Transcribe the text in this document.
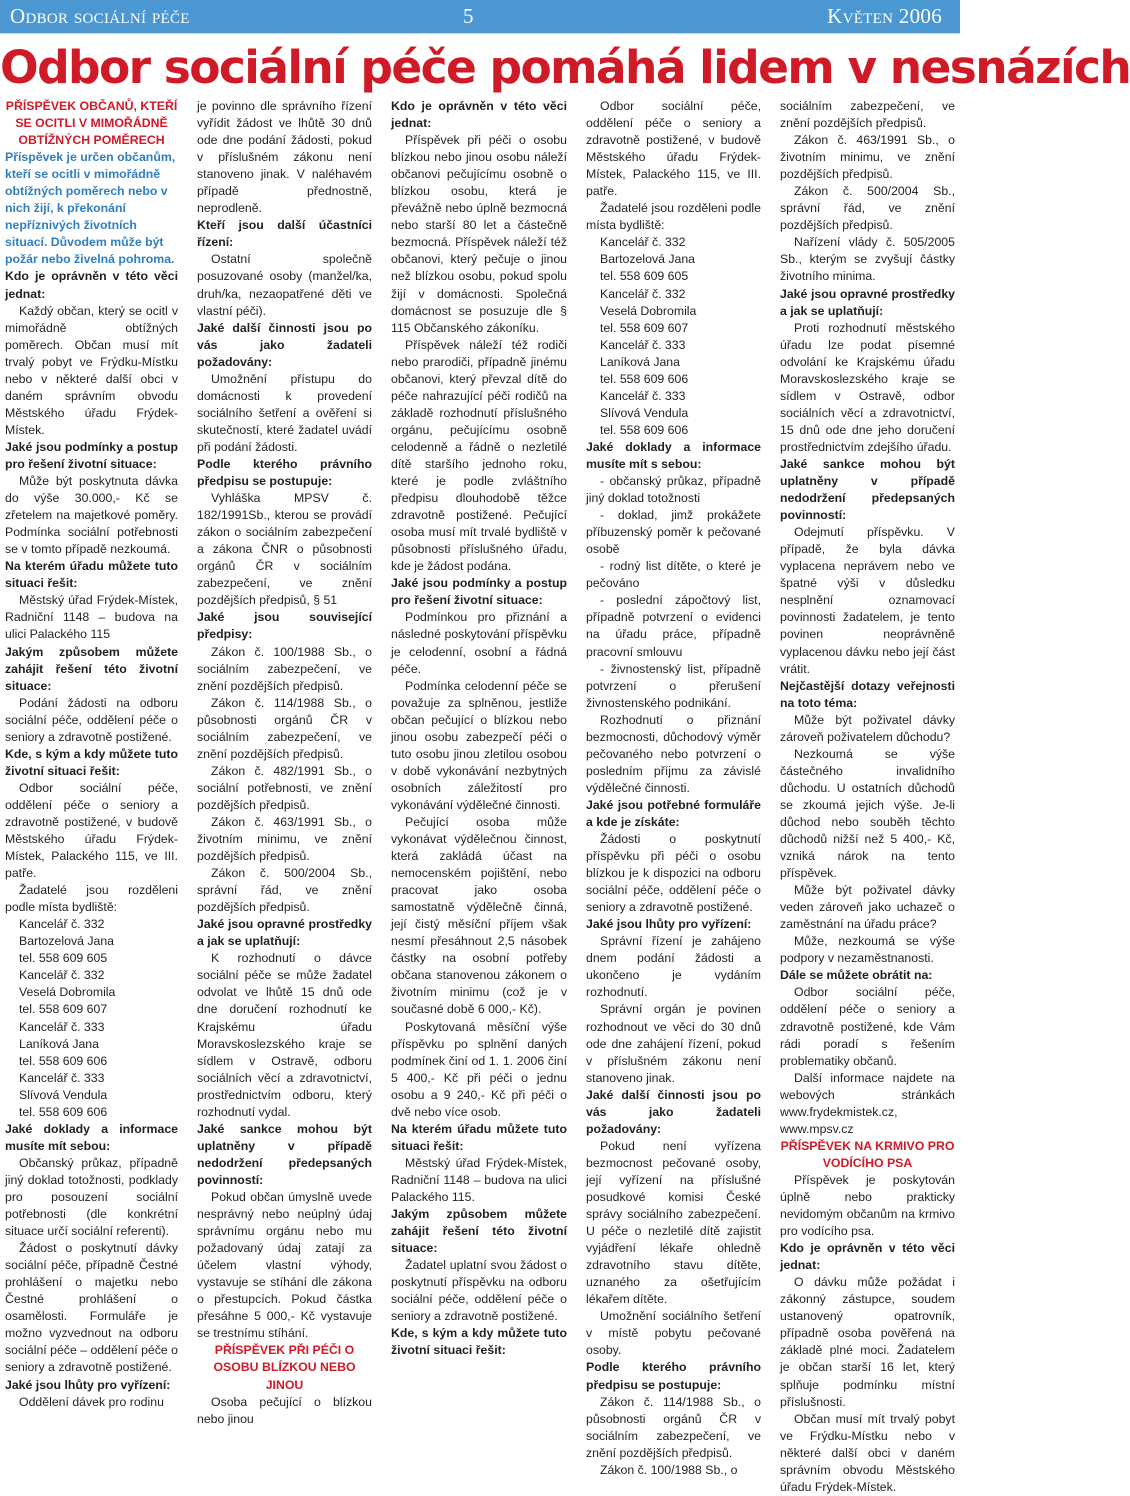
Odbor sociální péče	5	Květen 2006
Odbor sociální péče pomáhá lidem v nesnázích

PŘÍSPĚVEK OBČANŮ, KTEŘÍ SE OCITLI V MIMOŘÁDNĚ OBTÍŽNÝCH POMĚRECH

Příspěvek je určen občanům, kteří se ocitli v mimořádně obtížných poměrech nebo v nich žijí, k překonání nepříznivých životních situací. Důvodem může být požár nebo živelná pohroma.

Kdo je oprávněn v této věci jednat:

Každý občan, který se ocitl v mimořádně obtížných poměrech. Občan musí mít trvalý pobyt ve Frýdku-Místku nebo v některé další obci v daném správním obvodu Městského úřadu Frýdek-Místek.

Jaké jsou podmínky a postup pro řešení životní situace:

Může být poskytnuta dávka do výše 30.000,- Kč se zřetelem na majetkové poměry. Podmínka sociální potřebnosti se v tomto případě nezkoumá.

Na kterém úřadu můžete tuto situaci řešit:

Městský úřad Frýdek-Místek, Radniční 1148 – budova na ulici Palackého 115

Jakým způsobem můžete zahájit řešení této životní situace:

Podání žádosti na odboru sociální péče, oddělení péče o seniory a zdravotně postižené.

Kde, s kým a kdy můžete tuto životní situaci řešit:

Odbor sociální péče, oddělení péče o seniory a zdravotně postižené, v budově Městského úřadu Frýdek-Místek, Palackého 115, ve III. patře.

Žadatelé jsou rozděleni podle místa bydliště:

Kancelář č. 332

Bartozelová Jana

tel. 558 609 605

Kancelář č. 332

Veselá Dobromila

tel. 558 609 607

Kancelář č. 333

Laníková Jana

tel. 558 609 606

Kancelář č. 333

Slívová Vendula

tel. 558 609 606

Jaké doklady a informace musíte mít sebou:

Občanský průkaz, případně jiný doklad totožnosti, podklady pro posouzení sociální potřebnosti (dle konkrétní situace určí sociální referenti).

Žádost o poskytnutí dávky sociální péče, případně Čestné prohlášení o majetku nebo Čestné prohlášení o osamělosti. Formuláře je možno vyzvednout na odboru sociální péče – oddělení péče o seniory a zdravotně postižené.

Jaké jsou lhůty pro vyřízení:

Oddělení dávek pro rodinu

je povinno dle správního řízení vyřídit žádost ve lhůtě 30 dnů ode dne podání žádosti, pokud v příslušném zákonu není stanoveno jinak. V naléhavém případě přednostně, neprodleně.

Kteří jsou další účastníci řízení:

Ostatní společně posuzované osoby (manžel/ka, druh/ka, nezaopatřené děti ve vlastní péči).

Jaké další činnosti jsou po vás jako žadateli požadovány:

Umožnění přístupu do domácnosti k provedení sociálního šetření a ověření si skutečností, které žadatel uvádí při podání žádosti.

Podle kterého právního předpisu se postupuje:

Vyhláška MPSV č. 182/1991Sb., kterou se provádí zákon o sociálním zabezpečení a zákona ČNR o působnosti orgánů ČR v sociálním zabezpečení, ve znění pozdějších předpisů, § 51

Jaké jsou související předpisy:

Zákon č. 100/1988 Sb., o sociálním zabezpečení, ve znění pozdějších předpisů.

Zákon č. 114/1988 Sb., o působnosti orgánů ČR v sociálním zabezpečení, ve znění pozdějších předpisů.

Zákon č. 482/1991 Sb., o sociální potřebnosti, ve znění pozdějších předpisů.

Zákon č. 463/1991 Sb., o životním minimu, ve znění pozdějších předpisů.

Zákon č. 500/2004 Sb., správní řád, ve znění pozdějších předpisů.

Jaké jsou opravné prostředky a jak se uplatňují:

K rozhodnutí o dávce sociální péče se může žadatel odvolat ve lhůtě 15 dnů ode dne doručení rozhodnutí ke Krajskému úřadu Moravskoslezského kraje se sídlem v Ostravě, odboru sociálních věcí a zdravotnictví, prostřednictvím odboru, který rozhodnutí vydal.

Jaké sankce mohou být uplatněny v případě nedodržení předepsaných povinností:

Pokud občan úmyslně uvede nesprávný nebo neúplný údaj správnímu orgánu nebo mu požadovaný údaj zatají za účelem vlastní výhody, vystavuje se stíhání dle zákona o přestupcích. Pokud částka přesáhne 5 000,- Kč vystavuje se trestnímu stíhání.

PŘÍSPĚVEK PŘI PÉČI O OSOBU BLÍZKOU NEBO JINOU

Osoba pečující o blízkou nebo jinou

Kdo je oprávněn v této věci jednat:

Příspěvek při péči o osobu blízkou nebo jinou osobu náleží občanovi pečujícímu osobně o blízkou osobu, která je převážně nebo úplně bezmocná nebo starší 80 let a částečně bezmocná. Příspěvek náleží též občanovi, který pečuje o jinou než blízkou osobu, pokud spolu žijí v domácnosti. Společná domácnost se posuzuje dle § 115 Občanského zákoníku.

Příspěvek náleží též rodiči nebo prarodiči, případně jinému občanovi, který převzal dítě do péče nahrazující péči rodičů na základě rozhodnutí příslušného orgánu, pečujícímu osobně celodenně a řádně o nezletilé dítě staršího jednoho roku, které je podle zvláštního předpisu dlouhodobě těžce zdravotně postižené. Pečující osoba musí mít trvalé bydliště v působnosti příslušného úřadu, kde je žádost podána.

Jaké jsou podmínky a postup pro řešení životní situace:

Podmínkou pro přiznání a následné poskytování příspěvku je celodenní, osobní a řádná péče.

Podmínka celodenní péče se považuje za splněnou, jestliže občan pečující o blízkou nebo jinou osobu zabezpečí péči o tuto osobu jinou zletilou osobou v době vykonávání nezbytných osobních záležitostí pro vykonávání výdělečné činnosti.

Pečující osoba může vykonávat výdělečnou činnost, která zakládá účast na nemocenském pojištění, nebo pracovat jako osoba samostatně výdělečně činná, její čistý měsíční příjem však nesmí přesáhnout 2,5 násobek částky na osobní potřeby občana stanovenou zákonem o životním minimu (což je v současné době 6 000,- Kč).

Poskytovaná měsíční výše příspěvku po splnění daných podmínek činí od 1. 1. 2006 činí 5 400,- Kč při péči o jednu osobu a 9 240,- Kč při péči o dvě nebo více osob.

Na kterém úřadu můžete tuto situaci řešit:

Městský úřad Frýdek-Místek, Radniční 1148 – budova na ulici Palackého 115.

Jakým způsobem můžete zahájit řešení této životní situace:

Žadatel uplatní svou žádost o poskytnutí příspěvku na odboru sociální péče, oddělení péče o seniory a zdravotně postižené.

Kde, s kým a kdy můžete tuto životní situaci řešit:

Odbor sociální péče, oddělení péče o seniory a zdravotně postižené, v budově Městského úřadu Frýdek-Místek, Palackého 115, ve III. patře.

Žadatelé jsou rozděleni podle místa bydliště:

Kancelář č. 332

Bartozelová Jana

tel. 558 609 605

Kancelář č. 332

Veselá Dobromila

tel. 558 609 607

Kancelář č. 333

Laníková Jana

tel. 558 609 606

Kancelář č. 333

Slívová Vendula

tel. 558 609 606

Jaké doklady a informace musíte mít s sebou:

- občanský průkaz, případně jiný doklad totožnosti

- doklad, jimž prokážete příbuzenský poměr k pečované osobě

- rodný list dítěte, o které je pečováno

- poslední zápočtový list, případně potvrzení o evidenci na úřadu práce, případně pracovní smlouvu

- živnostenský list, případně potvrzení o přerušení živnostenského podnikání.

Rozhodnutí o přiznání bezmocnosti, důchodový výměr pečovaného nebo potvrzení o posledním příjmu za závislé výdělečné činnosti.

Jaké jsou potřebné formuláře a kde je získáte:

Žádosti o poskytnutí příspěvku při péči o osobu blízkou je k dispozici na odboru sociální péče, oddělení péče o seniory a zdravotně postižené.

Jaké jsou lhůty pro vyřízení:

Správní řízení je zahájeno dnem podání žádosti a ukončeno je vydáním rozhodnutí.

Správní orgán je povinen rozhodnout ve věci do 30 dnů ode dne zahájení řízení, pokud v příslušném zákonu není stanoveno jinak.

Jaké další činnosti jsou po vás jako žadateli požadovány:

Pokud není vyřízena bezmocnost pečované osoby, její vyřízení na příslušné posudkové komisi České správy sociálního zabezpečení. U péče o nezletilé dítě zajistit vyjádření lékaře ohledně zdravotního stavu dítěte, uznaného za ošetřujícím lékařem dítěte.

Umožnění sociálního šetření v místě pobytu pečované osoby.

Podle kterého právního předpisu se postupuje:

Zákon č. 114/1988 Sb., o působnosti orgánů ČR v sociálním zabezpečení, ve znění pozdějších předpisů.

Zákon č. 100/1988 Sb., o

sociálním zabezpečení, ve znění pozdějších předpisů.

Zákon č. 463/1991 Sb., o životním minimu, ve znění pozdějších předpisů.

Zákon č. 500/2004 Sb., správní řád, ve znění pozdějších předpisů.

Nařízení vlády č. 505/2005 Sb., kterým se zvyšují částky životního minima.

Jaké jsou opravné prostředky a jak se uplatňují:

Proti rozhodnutí městského úřadu lze podat písemné odvolání ke Krajskému úřadu Moravskoslezského kraje se sídlem v Ostravě, odbor sociálních věcí a zdravotnictví, 15 dnů ode dne jeho doručení prostřednictvím zdejšího úřadu.

Jaké sankce mohou být uplatněny v případě nedodržení předepsaných povinností:

Odejmutí příspěvku. V případě, že byla dávka vyplacena neprávem nebo ve špatné výši v důsledku nesplnění oznamovací povinnosti žadatelem, je tento povinen neoprávněně vyplacenou dávku nebo její část vrátit.

Nejčastější dotazy veřejnosti na toto téma:

Může být poživatel dávky zároveň poživatelem důchodu?

Nezkoumá se výše částečného invalidního důchodu. U ostatních důchodů se zkoumá jejich výše. Je-li důchod nebo souběh těchto důchodů nižší než 5 400,- Kč, vzniká nárok na tento příspěvek.

Může být poživatel dávky veden zároveň jako uchazeč o zaměstnání na úřadu práce?

Může, nezkoumá se výše podpory v nezaměstnanosti.

Dále se můžete obrátit na:

Odbor sociální péče, oddělení péče o seniory a zdravotně postižené, kde Vám rádi poradí s řešením problematiky občanů.

Další informace najdete na webových stránkách www.frydekmistek.cz, www.mpsv.cz

PŘÍSPĚVEK NA KRMIVO PRO VODÍCÍHO PSA

Příspěvek je poskytován úplně nebo prakticky nevidomým občanům na krmivo pro vodícího psa.

Kdo je oprávněn v této věci jednat:

O dávku může požádat i zákonný zástupce, soudem ustanovený opatrovník, případně osoba pověřená na základě plné moci. Žadatelem je občan starší 16 let, který splňuje podmínku místní příslušnosti.

Občan musí mít trvalý pobyt ve Frýdku-Místku nebo v některé další obci v daném správním obvodu Městského úřadu Frýdek-Místek.
